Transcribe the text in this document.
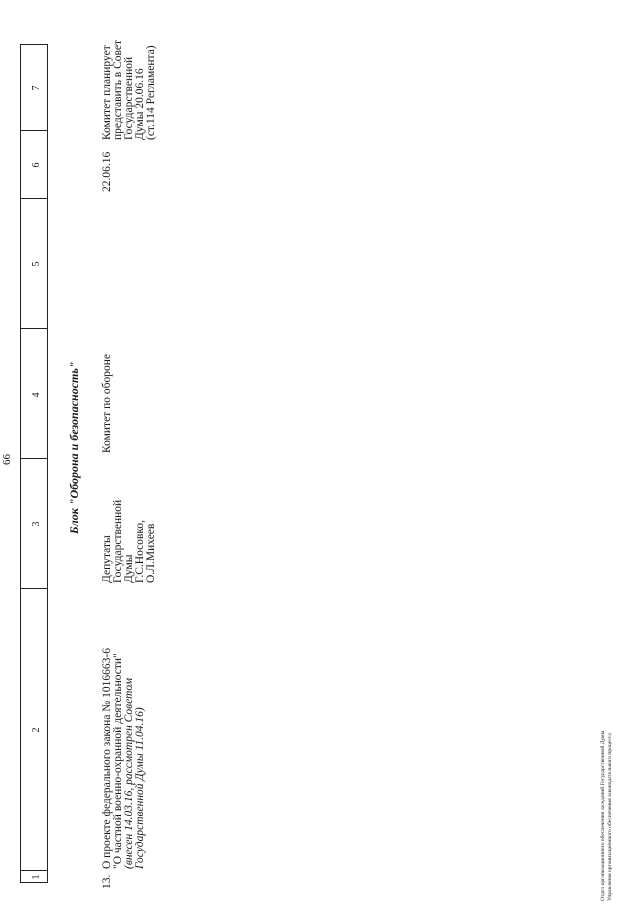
66
1
2
3
4
5
6
7
Блок "Оборона и безопасность"
13.
О проекте федерального закона № 1016663-6 "О частной военно-охранной деятельности" (внесен 14.03.16, рассмотрен Советом Государственной Думы 11.04.16)
Депутаты Государственной Думы Г.С.Носовко, О.Л.Михеев
Комитет по обороне
22.06.16
Комитет планирует представить в Совет Государственной Думы 20.06.16 (ст.114 Регламента)
Отдел организационного обеспечения заседаний Государственной Думы Управления организационного обеспечения законодательного процесса
